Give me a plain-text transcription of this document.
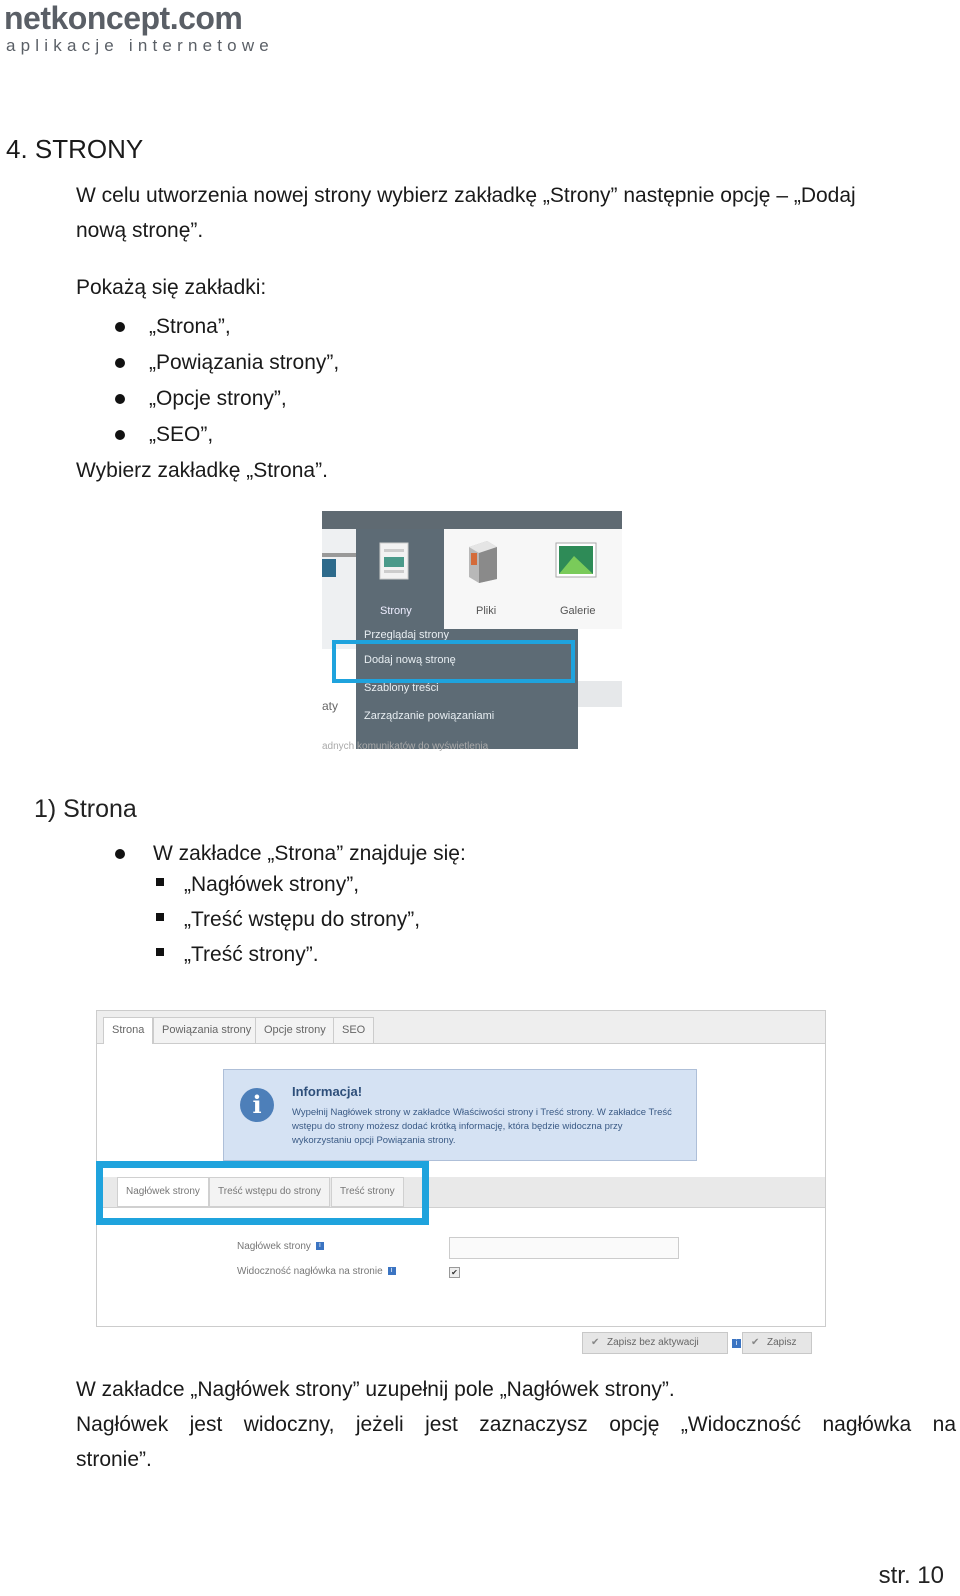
netkoncept.com
aplikacje internetowe
4. STRONY
W celu utworzenia nowej strony wybierz zakładkę „Strony” następnie opcję – „Dodaj
nową stronę”.
Pokażą się zakładki:
„Strona”,
„Powiązania strony”,
„Opcje strony”,
„SEO”,
Wybierz zakładkę „Strona”.
Strony	Pliki	Galerie
Przeglądaj strony
Dodaj nową stronę
Szablony treści
Zarządzanie powiązaniami
aty
adnych komunikatów do wyświetlenia
1) Strona
W zakładce „Strona” znajduje się:
„Nagłówek strony”,
„Treść wstępu do strony”,
„Treść strony”.
Strona	Powiązania strony	Opcje strony	SEO
i	Informacja!
Wypełnij Nagłówek strony w zakładce Właściwości strony i Treść strony. W zakładce Treść wstępu do strony możesz dodać krótką informację, która będzie widoczna przy wykorzystaniu opcji Powiązania strony.
Nagłówek strony	Treść wstępu do strony	Treść strony
Nagłówek strony i
Widoczność nagłówka na stronie i	✔
✔ Zapisz bez aktywacji	i	✔ Zapisz
W zakładce „Nagłówek strony” uzupełnij pole „Nagłówek strony”.
Nagłówek jest widoczny, jeżeli jest zaznaczysz opcję „Widoczność nagłówka na
stronie”.
str. 10
